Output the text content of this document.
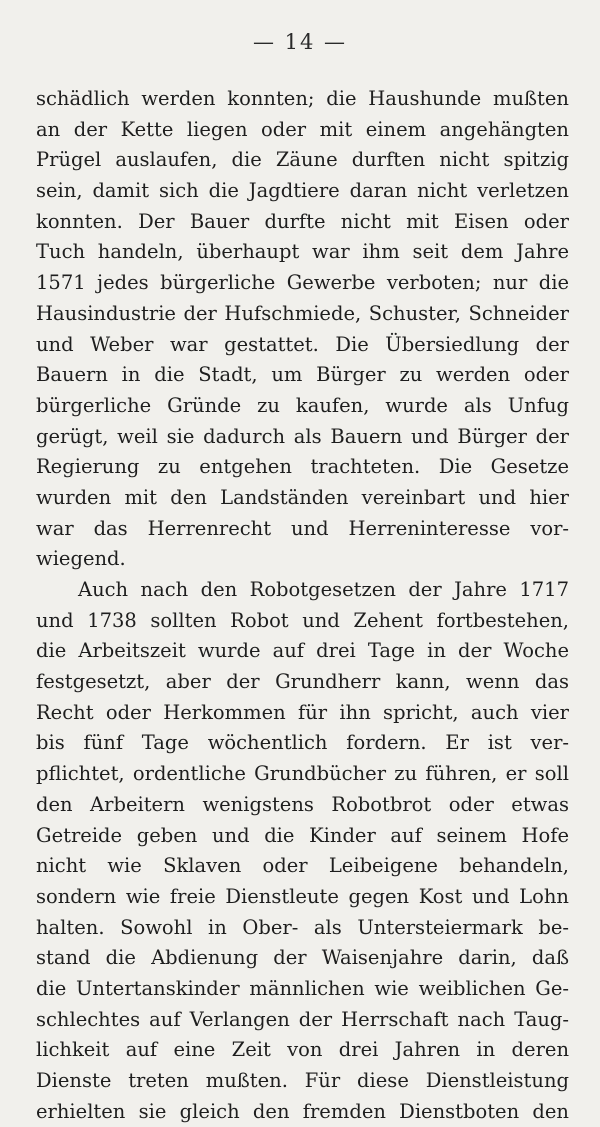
— 14 —
schädlich werden konnten; die Haushunde mußten
an der Kette liegen oder mit einem angehängten
Prügel auslaufen, die Zäune durften nicht spitzig
sein, damit sich die Jagdtiere daran nicht verletzen
konnten. Der Bauer durfte nicht mit Eisen oder
Tuch handeln, überhaupt war ihm seit dem Jahre
1571 jedes bürgerliche Gewerbe verboten; nur die
Hausindustrie der Hufschmiede, Schuster, Schneider
und Weber war gestattet. Die Übersiedlung der
Bauern in die Stadt, um Bürger zu werden oder
bürgerliche Gründe zu kaufen, wurde als Unfug
gerügt, weil sie dadurch als Bauern und Bürger der
Regierung zu entgehen trachteten. Die Gesetze
wurden mit den Landständen vereinbart und hier
war das Herrenrecht und Herreninteresse vor-
wiegend.
Auch nach den Robotgesetzen der Jahre 1717
und 1738 sollten Robot und Zehent fortbestehen,
die Arbeitszeit wurde auf drei Tage in der Woche
festgesetzt, aber der Grundherr kann, wenn das
Recht oder Herkommen für ihn spricht, auch vier
bis fünf Tage wöchentlich fordern. Er ist ver-
pflichtet, ordentliche Grundbücher zu führen, er soll
den Arbeitern wenigstens Robotbrot oder etwas
Getreide geben und die Kinder auf seinem Hofe
nicht wie Sklaven oder Leibeigene behandeln,
sondern wie freie Dienstleute gegen Kost und Lohn
halten. Sowohl in Ober- als Untersteiermark be-
stand die Abdienung der Waisenjahre darin, daß
die Untertanskinder männlichen wie weiblichen Ge-
schlechtes auf Verlangen der Herrschaft nach Taug-
lichkeit auf eine Zeit von drei Jahren in deren
Dienste treten mußten. Für diese Dienstleistung
erhielten sie gleich den fremden Dienstboten den
